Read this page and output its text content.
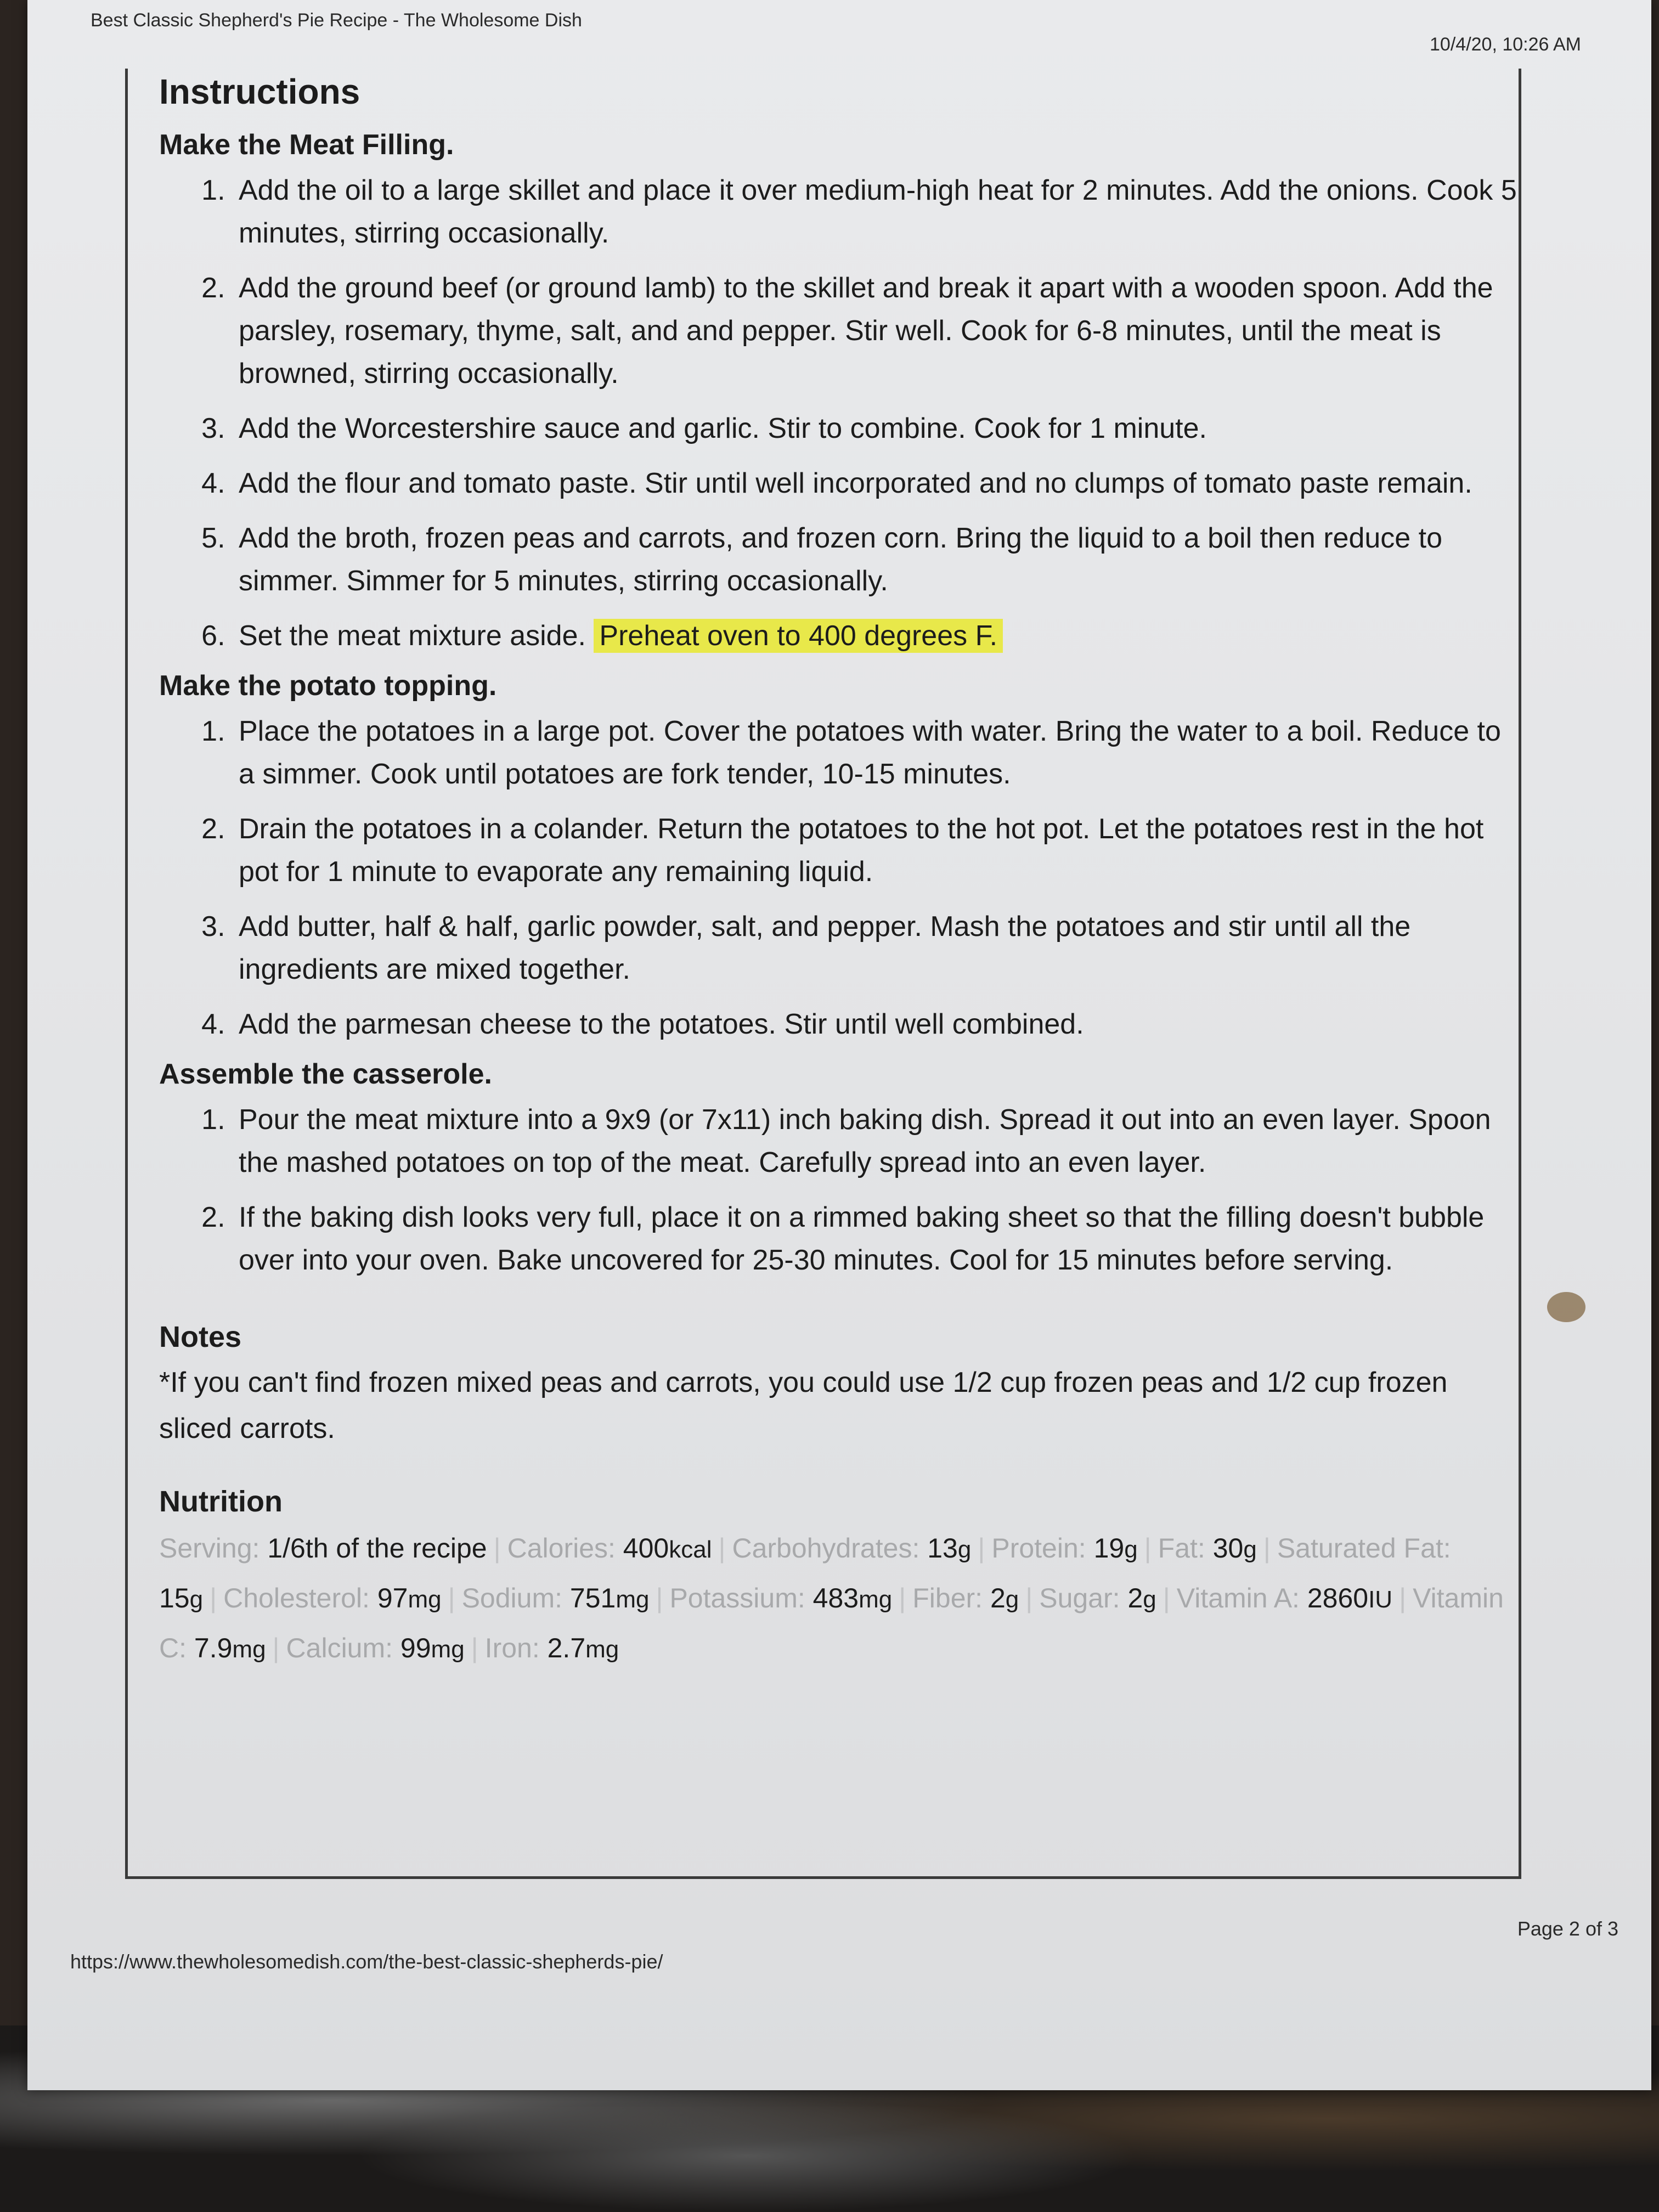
Best Classic Shepherd's Pie Recipe - The Wholesome Dish
10/4/20, 10:26 AM
https://www.thewholesomedish.com/the-best-classic-shepherds-pie/
Page 2 of 3
Instructions
Make the Meat Filling.
1. Add the oil to a large skillet and place it over medium-high heat for 2 minutes. Add the onions. Cook 5 minutes, stirring occasionally.
2. Add the ground beef (or ground lamb) to the skillet and break it apart with a wooden spoon. Add the parsley, rosemary, thyme, salt, and and pepper. Stir well. Cook for 6-8 minutes, until the meat is browned, stirring occasionally.
3. Add the Worcestershire sauce and garlic. Stir to combine. Cook for 1 minute.
4. Add the flour and tomato paste. Stir until well incorporated and no clumps of tomato paste remain.
5. Add the broth, frozen peas and carrots, and frozen corn. Bring the liquid to a boil then reduce to simmer. Simmer for 5 minutes, stirring occasionally.
6. Set the meat mixture aside. Preheat oven to 400 degrees F.
Make the potato topping.
1. Place the potatoes in a large pot. Cover the potatoes with water. Bring the water to a boil. Reduce to a simmer. Cook until potatoes are fork tender, 10-15 minutes.
2. Drain the potatoes in a colander. Return the potatoes to the hot pot. Let the potatoes rest in the hot pot for 1 minute to evaporate any remaining liquid.
3. Add butter, half & half, garlic powder, salt, and pepper. Mash the potatoes and stir until all the ingredients are mixed together.
4. Add the parmesan cheese to the potatoes. Stir until well combined.
Assemble the casserole.
1. Pour the meat mixture into a 9x9 (or 7x11) inch baking dish. Spread it out into an even layer. Spoon the mashed potatoes on top of the meat. Carefully spread into an even layer.
2. If the baking dish looks very full, place it on a rimmed baking sheet so that the filling doesn't bubble over into your oven. Bake uncovered for 25-30 minutes. Cool for 15 minutes before serving.
Notes

*If you can't find frozen mixed peas and carrots, you could use 1/2 cup frozen peas and 1/2 cup frozen sliced carrots.

Nutrition

Serving: 1/6th of the recipe | Calories: 400kcal | Carbohydrates: 13g | Protein: 19g | Fat: 30g | Saturated Fat: 15g | Cholesterol: 97mg | Sodium: 751mg | Potassium: 483mg | Fiber: 2g | Sugar: 2g | Vitamin A: 2860IU | Vitamin C: 7.9mg | Calcium: 99mg | Iron: 2.7mg
